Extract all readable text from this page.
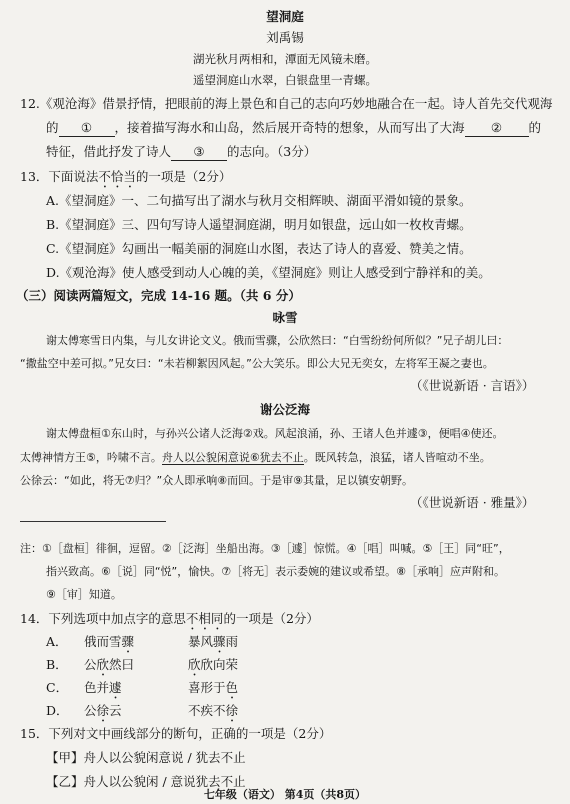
望洞庭
刘禹锡
湖光秋月两相和，潭面无风镜未磨。
遥望洞庭山水翠，白银盘里一青螺。
12.《观沧海》借景抒情，把眼前的海上景色和自己的志向巧妙地融合在一起。诗人首先交代观海
的 ① ，接着描写海水和山岛，然后展开奇特的想象，从而写出了大海 ② 的
特征，借此抒发了诗人 ③ 的志向。（3分）
13．下面说法不恰当的一项是（2分）
A.《望洞庭》一、二句描写出了湖水与秋月交相辉映、湖面平滑如镜的景象。
B.《望洞庭》三、四句写诗人遥望洞庭湖，明月如银盘，远山如一枚枚青螺。
C.《望洞庭》勾画出一幅美丽的洞庭山水图，表达了诗人的喜爱、赞美之情。
D.《观沧海》使人感受到动人心魄的美，《望洞庭》则让人感受到宁静祥和的美。
（三）阅读两篇短文，完成 14-16 题。（共 6 分）
咏雪
谢太傅寒雪日内集，与儿女讲论文义。俄而雪骤，公欣然曰：“白雪纷纷何所似？”兄子胡儿曰：
“撒盐空中差可拟。”兄女曰：“未若柳絮因风起。”公大笑乐。即公大兄无奕女，左将军王凝之妻也。
（《世说新语 · 言语》）
谢公泛海
谢太傅盘桓①东山时，与孙兴公诸人泛海②戏。风起浪涌，孙、王诸人色并遽③，便唱④使还。
太傅神情方王⑤，吟啸不言。舟人以公貌闲意说⑥犹去不止。既风转急，浪猛，诸人皆喧动不坐。
公徐云：“如此，将无⑦归？”众人即承响⑧而回。于是审⑨其量，足以镇安朝野。
（《世说新语 · 雅量》）
注：①［盘桓］徘徊，逗留。②［泛海］坐船出海。③［遽］惊慌。④［唱］叫喊。⑤［王］同“旺”，
指兴致高。⑥［说］同“悦”，愉快。⑦［将无］表示委婉的建议或希望。⑧［承响］应声附和。
⑨［审］知道。
14．下列选项中加点字的意思不相同的一项是（2分）
A． 俄而雪骤	暴风骤雨
B． 公欣然曰	欣欣向荣
C． 色并遽	喜形于色
D． 公徐云	不疾不徐
15．下列对文中画线部分的断句，正确的一项是（2分）
【甲】舟人以公貌闲意说 / 犹去不止
【乙】舟人以公貌闲 / 意说犹去不止
七年级（语文） 第4页（共8页）
